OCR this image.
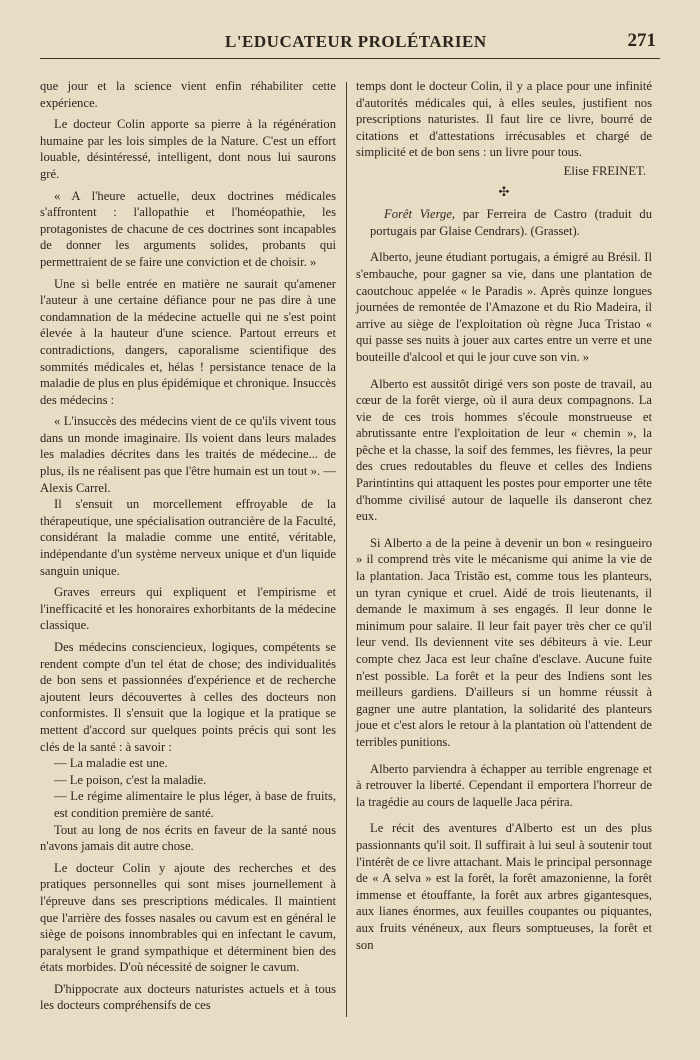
L'EDUCATEUR PROLÉTARIEN	271

que jour et la science vient enfin réhabiliter cette expérience.

Le docteur Colin apporte sa pierre à la régénération humaine par les lois simples de la Nature. C'est un effort louable, désintéressé, intelligent, dont nous lui saurons gré.

« A l'heure actuelle, deux doctrines médicales s'affrontent : l'allopathie et l'homéopathie, les protagonistes de chacune de ces doctrines sont incapables de donner les arguments solides, probants qui permettraient de se faire une conviction et de choisir. »

Une si belle entrée en matière ne saurait qu'amener l'auteur à une certaine défiance pour ne pas dire à une condamnation de la médecine actuelle qui ne s'est point élevée à la hauteur d'une science. Partout erreurs et contradictions, dangers, caporalisme scientifique des sommités médicales et, hélas ! persistance tenace de la maladie de plus en plus épidémique et chronique. Insuccès des médecins :

« L'insuccès des médecins vient de ce qu'ils vivent tous dans un monde imaginaire. Ils voient dans leurs malades les maladies décrites dans les traités de médecine... de plus, ils ne réalisent pas que l'être humain est un tout ». — Alexis Carrel.

Il s'ensuit un morcellement effroyable de la thérapeutique, une spécialisation outrancière de la Faculté, considérant la maladie comme une entité, véritable, indépendante d'un système nerveux unique et d'un liquide sanguin unique.

Graves erreurs qui expliquent et l'empirisme et l'inefficacité et les honoraires exhorbitants de la médecine classique.

Des médecins consciencieux, logiques, compétents se rendent compte d'un tel état de chose; des individualités de bon sens et passionnées d'expérience et de recherche ajoutent leurs découvertes à celles des docteurs non conformistes. Il s'ensuit que la logique et la pratique se mettent d'accord sur quelques points précis qui sont les clés de la santé : à savoir :

— La maladie est une.

— Le poison, c'est la maladie.

— Le régime alimentaire le plus léger, à base de fruits, est condition première de santé.

Tout au long de nos écrits en faveur de la santé nous n'avons jamais dit autre chose.

Le docteur Colin y ajoute des recherches et des pratiques personnelles qui sont mises journellement à l'épreuve dans ses prescriptions médicales. Il maintient que l'arrière des fosses nasales ou cavum est en général le siège de poisons innombrables qui en infectant le cavum, paralysent le grand sympathique et déterminent bien des états morbides. D'où nécessité de soigner le cavum.

D'hippocrate aux docteurs naturistes actuels et à tous les docteurs compréhensifs de ces

temps dont le docteur Colin, il y a place pour une infinité d'autorités médicales qui, à elles seules, justifient nos prescriptions naturistes. Il faut lire ce livre, bourré de citations et d'attestations irrécusables et chargé de simplicité et de bon sens : un livre pour tous.

Elise FREINET.

✣

Forêt Vierge, par Ferreira de Castro (traduit du portugais par Glaise Cendrars). (Grasset).

Alberto, jeune étudiant portugais, a émigré au Brésil. Il s'embauche, pour gagner sa vie, dans une plantation de caoutchouc appelée « le Paradis ». Après quinze longues journées de remontée de l'Amazone et du Rio Madeira, il arrive au siège de l'exploitation où règne Juca Tristao « qui passe ses nuits à jouer aux cartes entre un verre et une bouteille d'alcool et qui le jour cuve son vin. »

Alberto est aussitôt dirigé vers son poste de travail, au cœur de la forêt vierge, où il aura deux compagnons. La vie de ces trois hommes s'écoule monstrueuse et abrutissante entre l'exploitation de leur « chemin », la pêche et la chasse, la soif des femmes, les fièvres, la peur des crues redoutables du fleuve et celles des Indiens Parintintins qui attaquent les postes pour emporter une tête d'homme civilisé autour de laquelle ils danseront chez eux.

Si Alberto a de la peine à devenir un bon « resingueiro » il comprend très vite le mécanisme qui anime la vie de la plantation. Jaca Tristão est, comme tous les planteurs, un tyran cynique et cruel. Aidé de trois lieutenants, il demande le maximum à ses engagés. Il leur donne le minimum pour salaire. Il leur fait payer très cher ce qu'il leur vend. Ils deviennent vite ses débiteurs à vie. Leur compte chez Jaca est leur chaîne d'esclave. Aucune fuite n'est possible. La forêt et la peur des Indiens sont les meilleurs gardiens. D'ailleurs si un homme réussit à gagner une autre plantation, la solidarité des planteurs joue et c'est alors le retour à la plantation où l'attendent de terribles punitions.

Alberto parviendra à échapper au terrible engrenage et à retrouver la liberté. Cependant il emportera l'horreur de la tragédie au cours de laquelle Jaca périra.

Le récit des aventures d'Alberto est un des plus passionnants qu'il soit. Il suffirait à lui seul à soutenir tout l'intérêt de ce livre attachant. Mais le principal personnage de « A selva » est la forêt, la forêt amazonienne, la forêt immense et étouffante, la forêt aux arbres gigantesques, aux lianes énormes, aux feuilles coupantes ou piquantes, aux fruits vénéneux, aux fleurs somptueuses, la forêt et son
